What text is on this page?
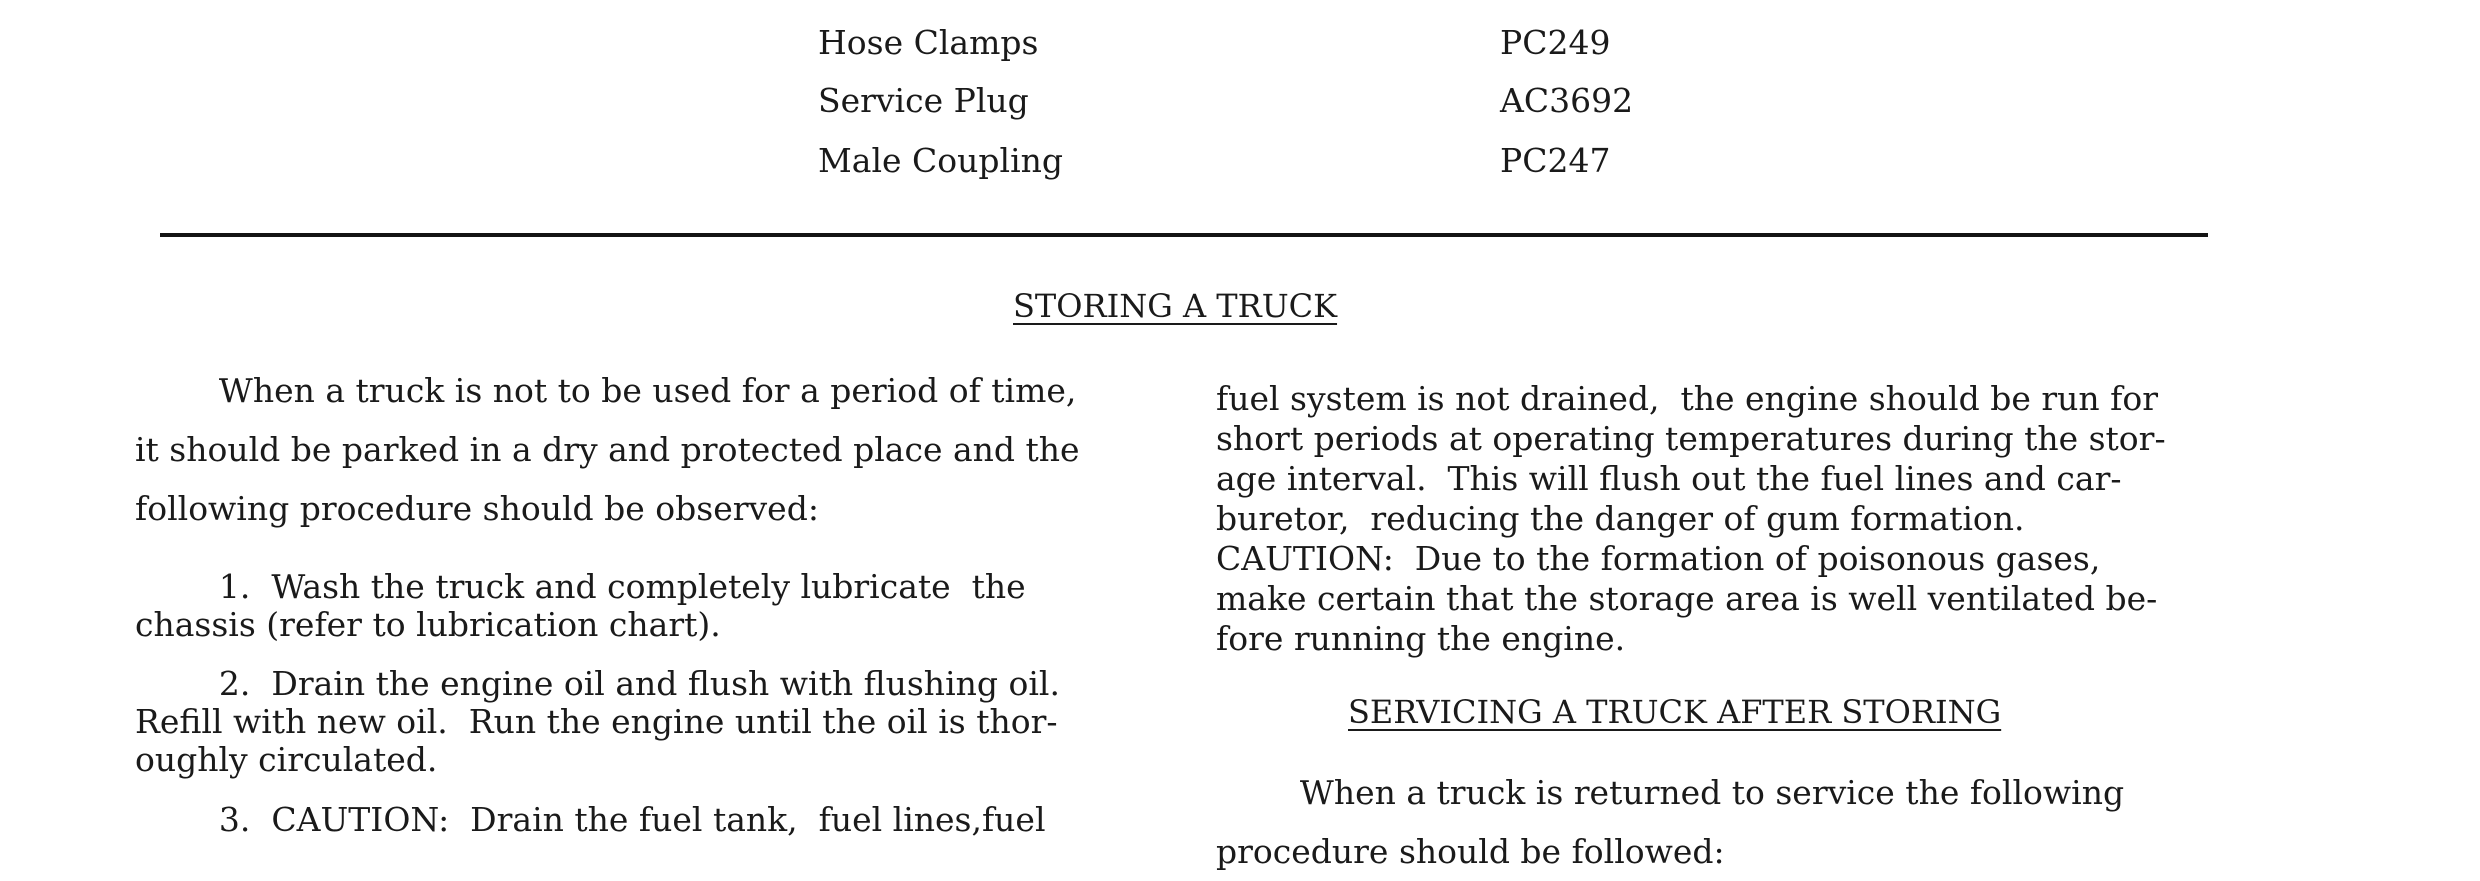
Hose Clamps	PC249
Service Plug	AC3692
Male Coupling	PC247
STORING A TRUCK
When a truck is not to be used for a period of time,
it should be parked in a dry and protected place and the
following procedure should be observed:
1.  Wash the truck and completely lubricate  the
chassis (refer to lubrication chart).
2.  Drain the engine oil and flush with flushing oil.
Refill with new oil.  Run the engine until the oil is thor-
oughly circulated.
3.  CAUTION:  Drain the fuel tank,  fuel lines,fuel
fuel system is not drained,  the engine should be run for
short periods at operating temperatures during the stor-
age interval.  This will flush out the fuel lines and car-
buretor,  reducing the danger of gum formation.
CAUTION:  Due to the formation of poisonous gases,
make certain that the storage area is well ventilated be-
fore running the engine.
SERVICING A TRUCK AFTER STORING
When a truck is returned to service the following
procedure should be followed:
